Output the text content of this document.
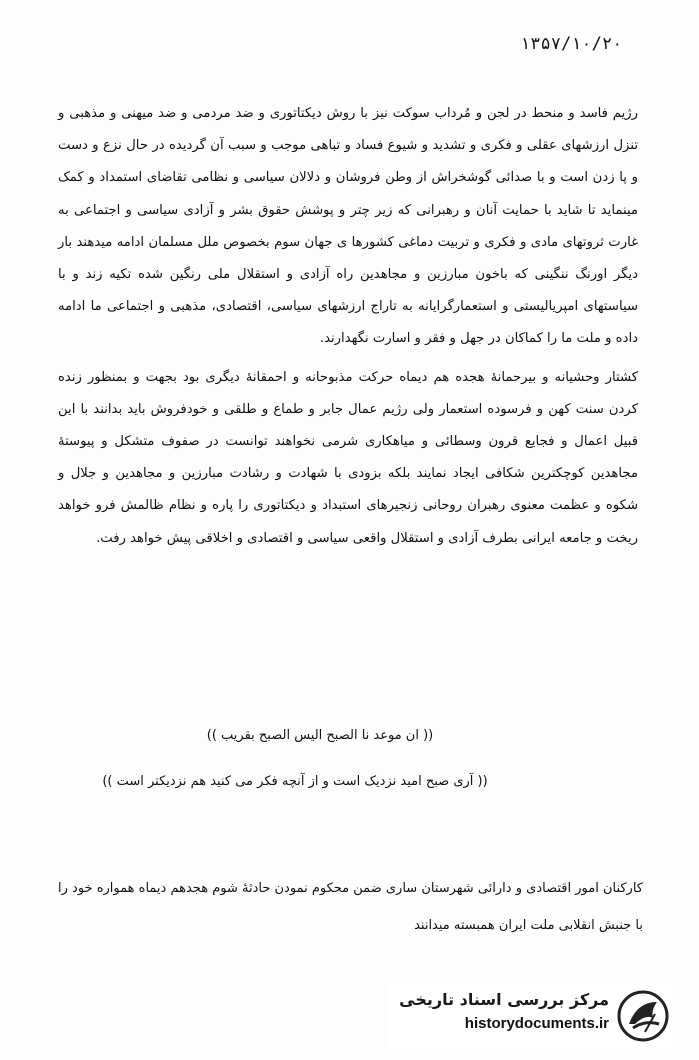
۱۳۵۷/۱۰/۲۰

رژیم فاسد و منحط در لجن و مُرداب سوکت نیز با روش دیکتاتوری و ضد مردمی و ضد میهنی و مذهبی و تنزل ارزشهای عقلی و فکری و تشدید و شیوع فساد و تباهی موجب و سبب آن گردیده در حال نزع و دست و پا زدن است و با صدائی گوشخراش از وطن فروشان و دلالان سیاسی و نظامی تقاضای استمداد و کمک مینماید تا شاید با حمایت آنان و رهبرانی که زیر چتر و پوشش حقوق بشر و آزادی سیاسی و اجتماعی به غارت ثروتهای مادی و فکری و تربیت دماغی کشورها ی جهان سوم بخصوص ملل مسلمان ادامه میدهند بار دیگر اورنگ ننگینی که باخون مبارزین و مجاهدین راه آزادی و استقلال ملی رنگین شده تکیه زند و با سیاستهای امپریالیستی و استعمارگرایانه به تاراج ارزشهای سیاسی، اقتصادی، مذهبی و اجتماعی ما ادامه داده و ملت ما را کماکان در جهل و فقر و اسارت نگهدارند.

کشتار وحشیانه و بیرحمانهٔ هجده هم دیماه حرکت مذبوحانه و احمقانهٔ دیگری بود بجهت و بمنظور زنده کردن سنت کهن و فرسوده استعمار ولی رژیم عمال جابر و طماع و طلقی و خودفروش باید بدانند با این قبیل اعمال و فجایع قرون وسطائی و میاهکاری شرمی نخواهند توانست در صفوف متشکل و پیوستهٔ مجاهدین کوچکترین شکافی ایجاد نمایند بلکه بزودی با شهادت و رشادت مبارزین و مجاهدین و جلال و شکوه و عظمت معنوی رهبران روحانی زنجیرهای استبداد و دیکتاتوری را پاره و نظام ظالمش فرو خواهد ریخت و جامعه ایرانی بطرف آزادی و استقلال واقعی سیاسی و اقتصادی و اخلاقی پیش خواهد رفت.

(( ان موعد نا الصبح الیس الصبح بقریب ))
(( آری صبح امید نزدیک است و از آنچه فکر می کنید هم نزدیکتر است ))

کارکنان امور اقتصادی و دارائی شهرستان ساری ضمن محکوم نمودن حادثهٔ شوم هجدهم دیماه همواره خود را با جنبش انقلابی ملت ایران همبسته میدانند

مرکز بررسی اسناد تاریخی
historydocuments.ir
